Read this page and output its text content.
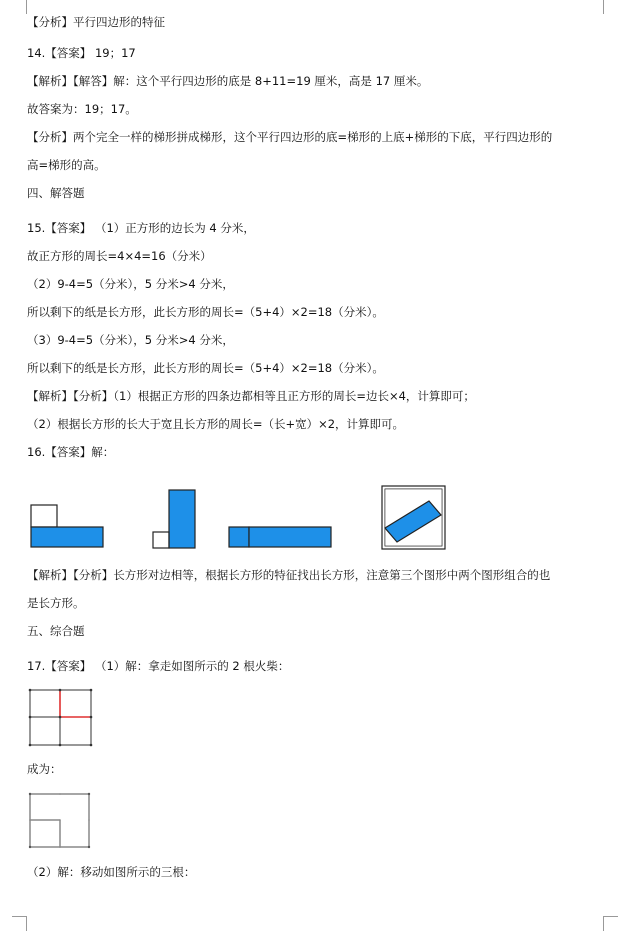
【分析】平行四边形的特征
14.【答案】 19；17
【解析】【解答】解：这个平行四边形的底是 8+11=19 厘米，高是 17 厘米。
故答案为：19；17。
【分析】两个完全一样的梯形拼成梯形，这个平行四边形的底=梯形的上底+梯形的下底，平行四边形的
高=梯形的高。
四、解答题
15.【答案】 （1）正方形的边长为 4 分米，
故正方形的周长=4×4=16（分米）
（2）9-4=5（分米），5 分米>4 分米，
所以剩下的纸是长方形，此长方形的周长=（5+4）×2=18（分米）。
（3）9-4=5（分米），5 分米>4 分米，
所以剩下的纸是长方形，此长方形的周长=（5+4）×2=18（分米）。
【解析】【分析】（1）根据正方形的四条边都相等且正方形的周长=边长×4，计算即可；
（2）根据长方形的长大于宽且长方形的周长=（长+宽）×2，计算即可。
16.【答案】解：
【解析】【分析】长方形对边相等，根据长方形的特征找出长方形，注意第三个图形中两个图形组合的也
是长方形。
五、综合题
17.【答案】 （1）解：拿走如图所示的 2 根火柴：
成为：
（2）解：移动如图所示的三根：
